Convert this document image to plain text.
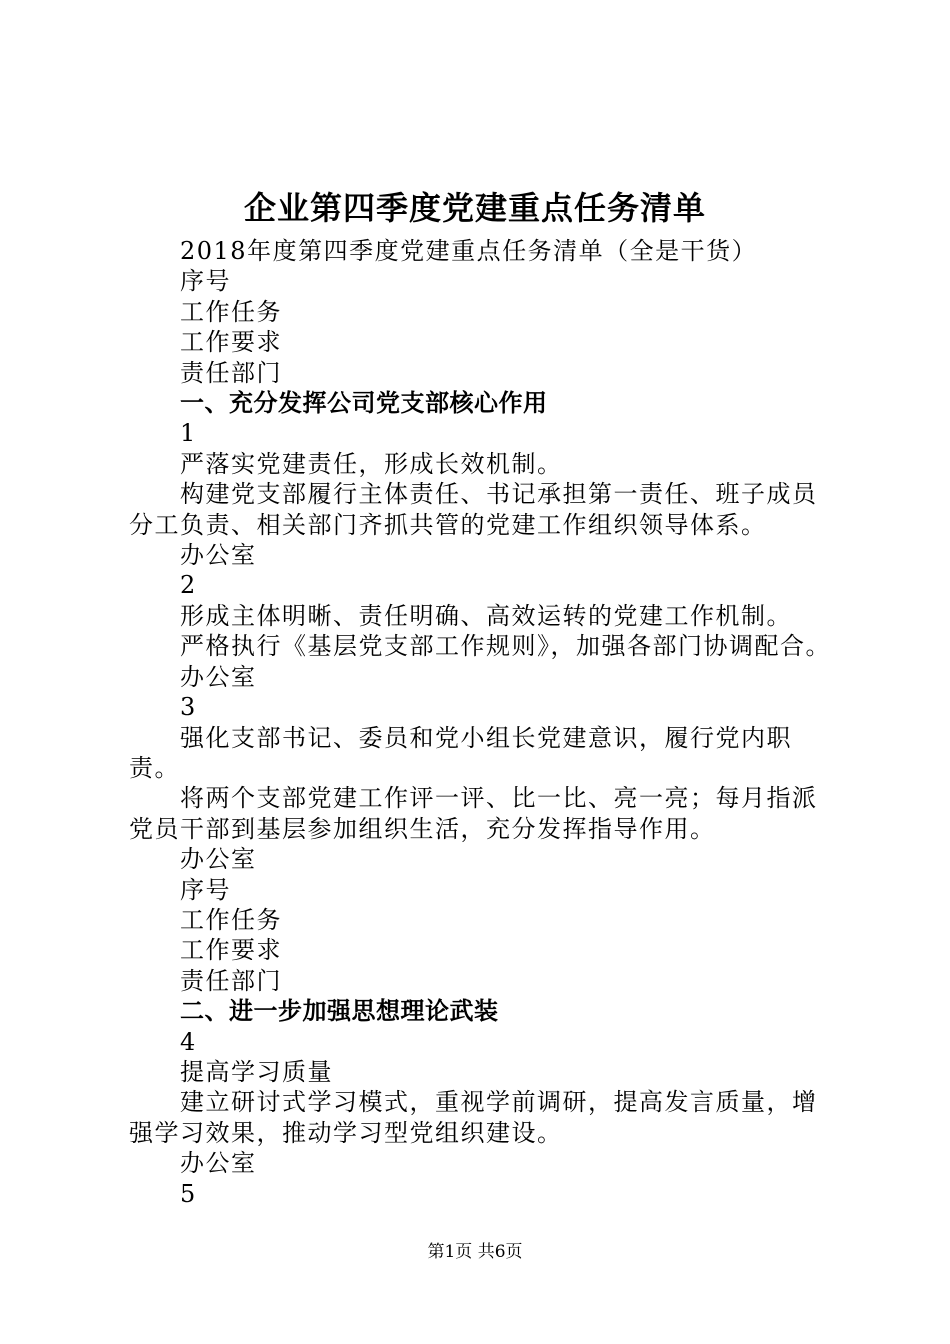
企业第四季度党建重点任务清单

2018年度第四季度党建重点任务清单（全是干货）

序号

工作任务

工作要求

责任部门

一、充分发挥公司党支部核心作用

1

严落实党建责任，形成长效机制。

构建党支部履行主体责任、书记承担第一责任、班子成员分工负责、相关部门齐抓共管的党建工作组织领导体系。

办公室

2

形成主体明晰、责任明确、高效运转的党建工作机制。

严格执行《基层党支部工作规则》，加强各部门协调配合。

办公室

3

强化支部书记、委员和党小组长党建意识，履行党内职责。

将两个支部党建工作评一评、比一比、亮一亮；每月指派党员干部到基层参加组织生活，充分发挥指导作用。

办公室

序号

工作任务

工作要求

责任部门

二、进一步加强思想理论武装

4

提高学习质量

建立研讨式学习模式，重视学前调研，提高发言质量，增强学习效果，推动学习型党组织建设。

办公室

5

第1页 共6页
